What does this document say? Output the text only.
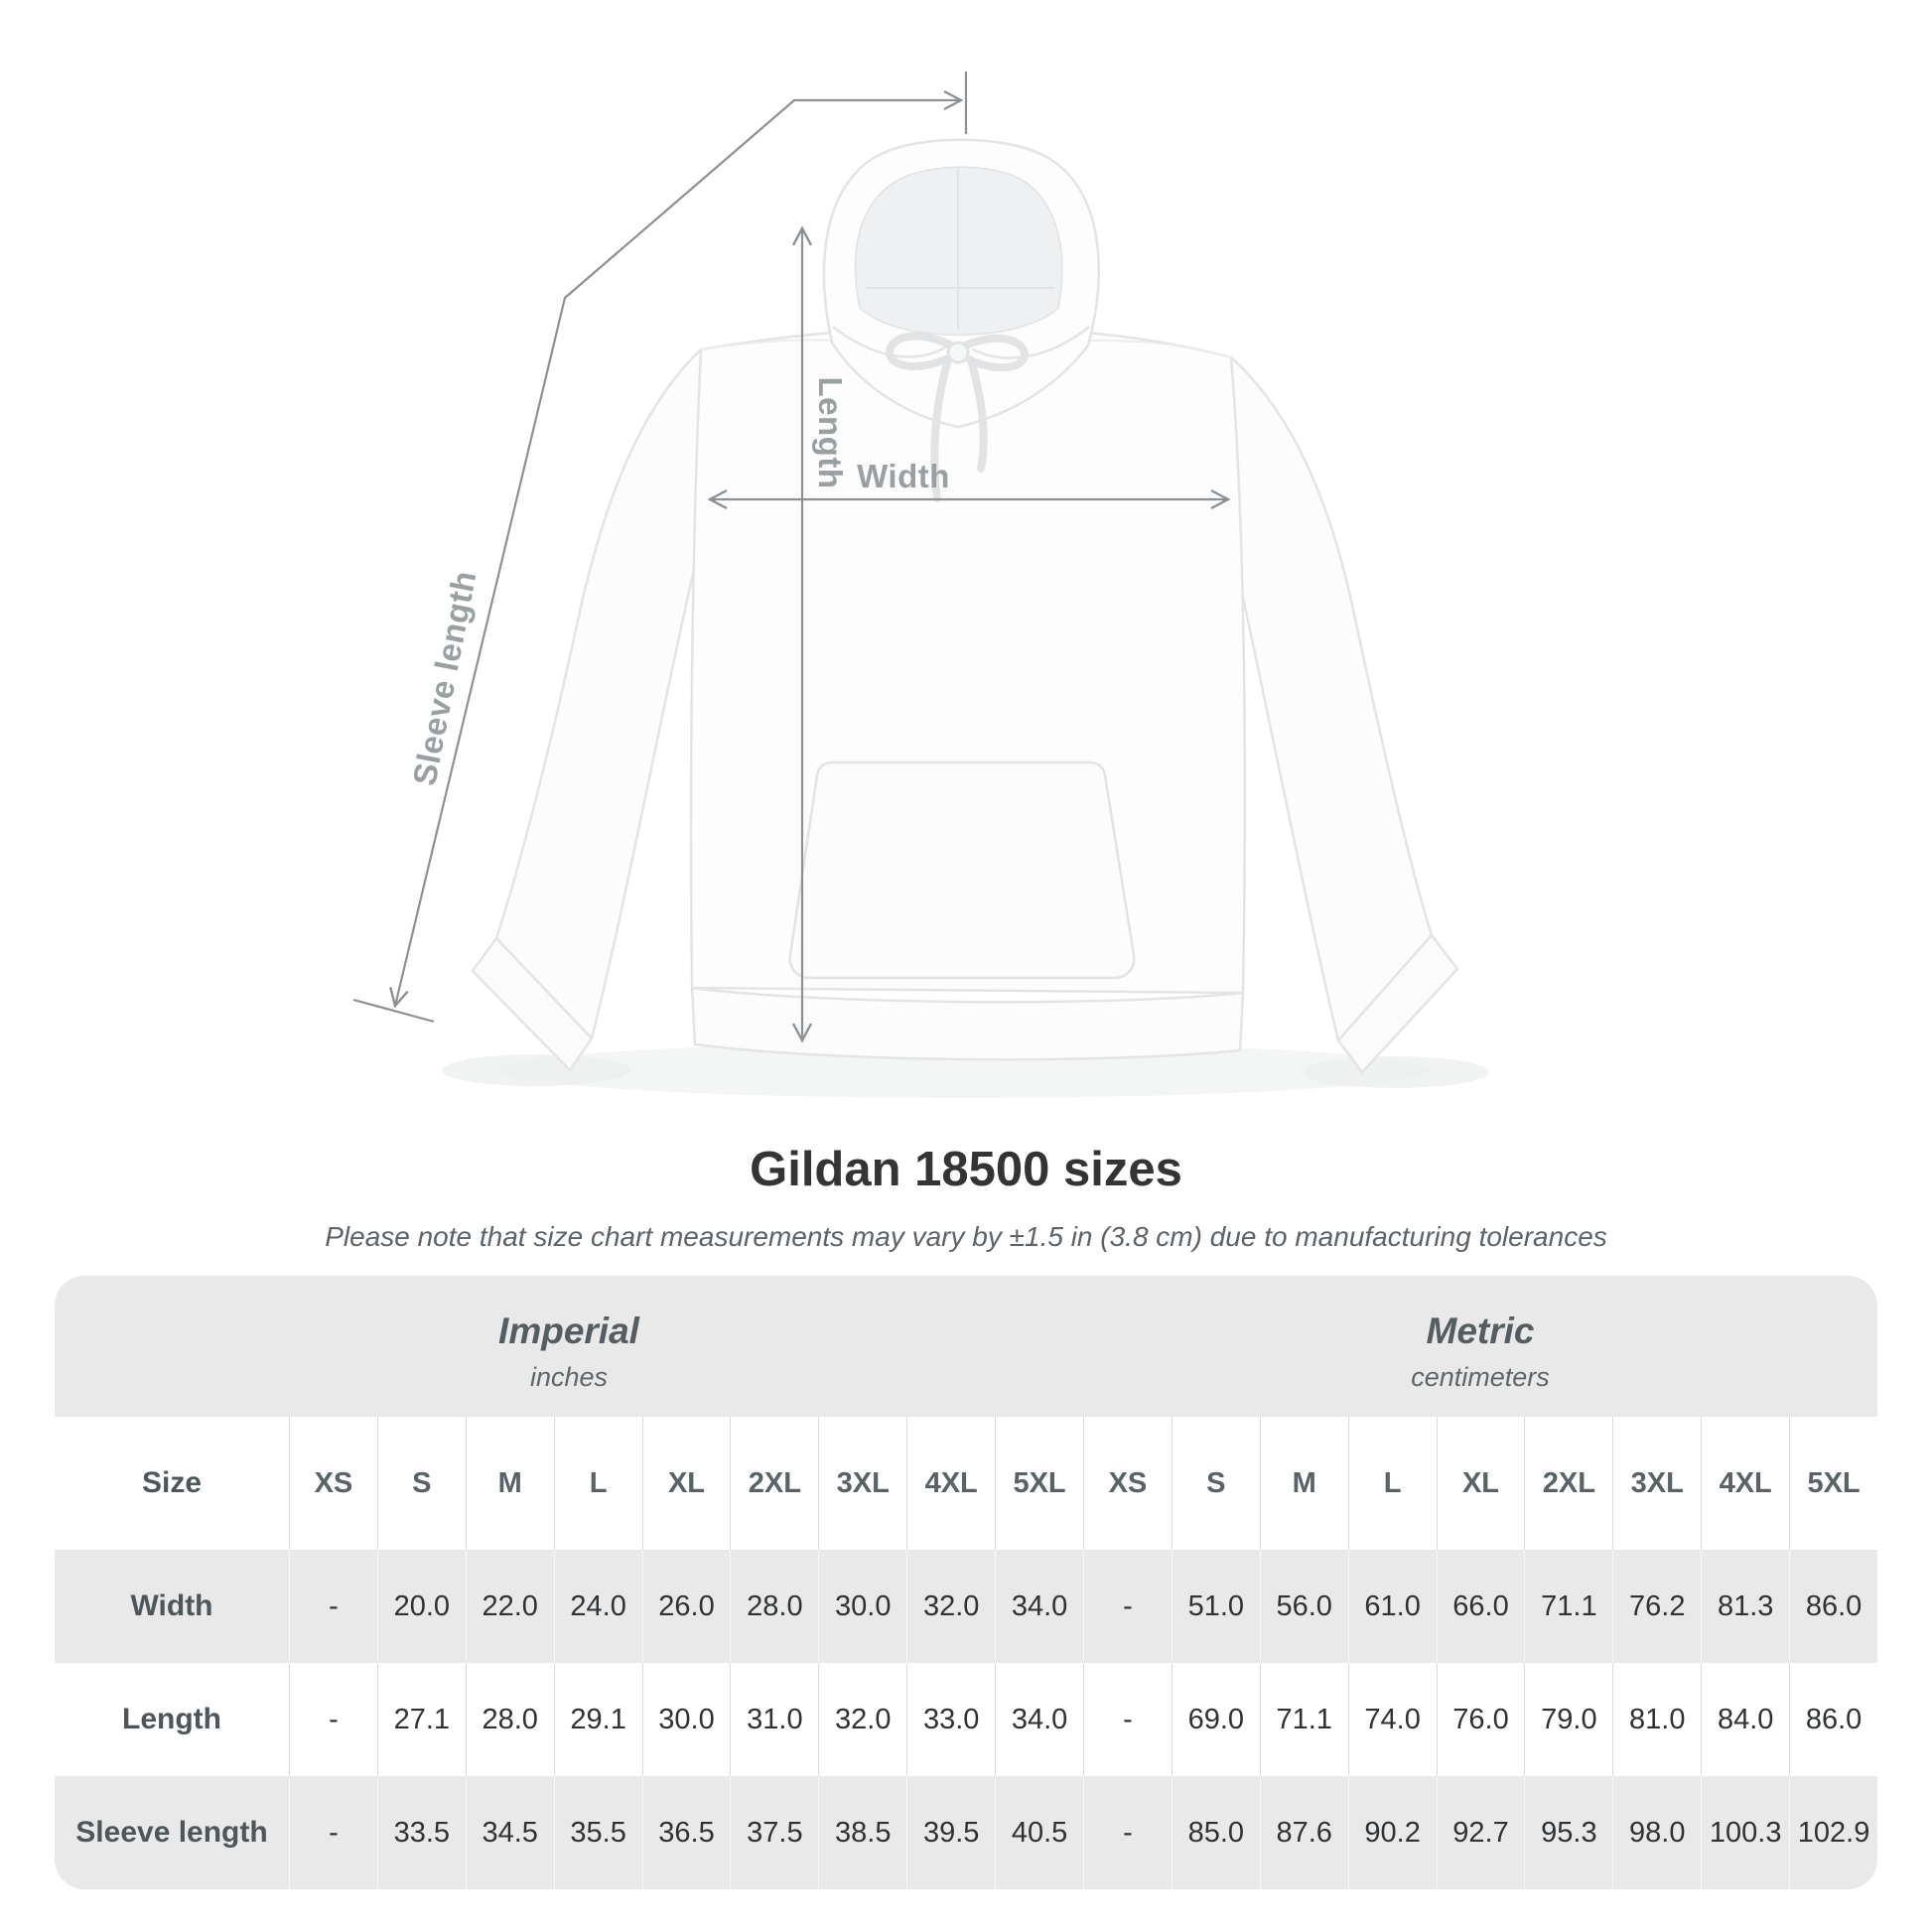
Sleeve length
Length Width
Gildan 18500 sizes
Please note that size chart measurements may vary by ±1.5 in (3.8 cm) due to manufacturing tolerances
Imperial
inches
Metric
centimeters
Size	XS	S	M	L	XL	2XL	3XL	4XL	5XL	XS	S	M	L	XL	2XL	3XL	4XL	5XL
Width	-	20.0	22.0	24.0	26.0	28.0	30.0	32.0	34.0	-	51.0	56.0	61.0	66.0	71.1	76.2	81.3	86.0
Length	-	27.1	28.0	29.1	30.0	31.0	32.0	33.0	34.0	-	69.0	71.1	74.0	76.0	79.0	81.0	84.0	86.0
Sleeve length	-	33.5	34.5	35.5	36.5	37.5	38.5	39.5	40.5	-	85.0	87.6	90.2	92.7	95.3	98.0 100.3 102.9
